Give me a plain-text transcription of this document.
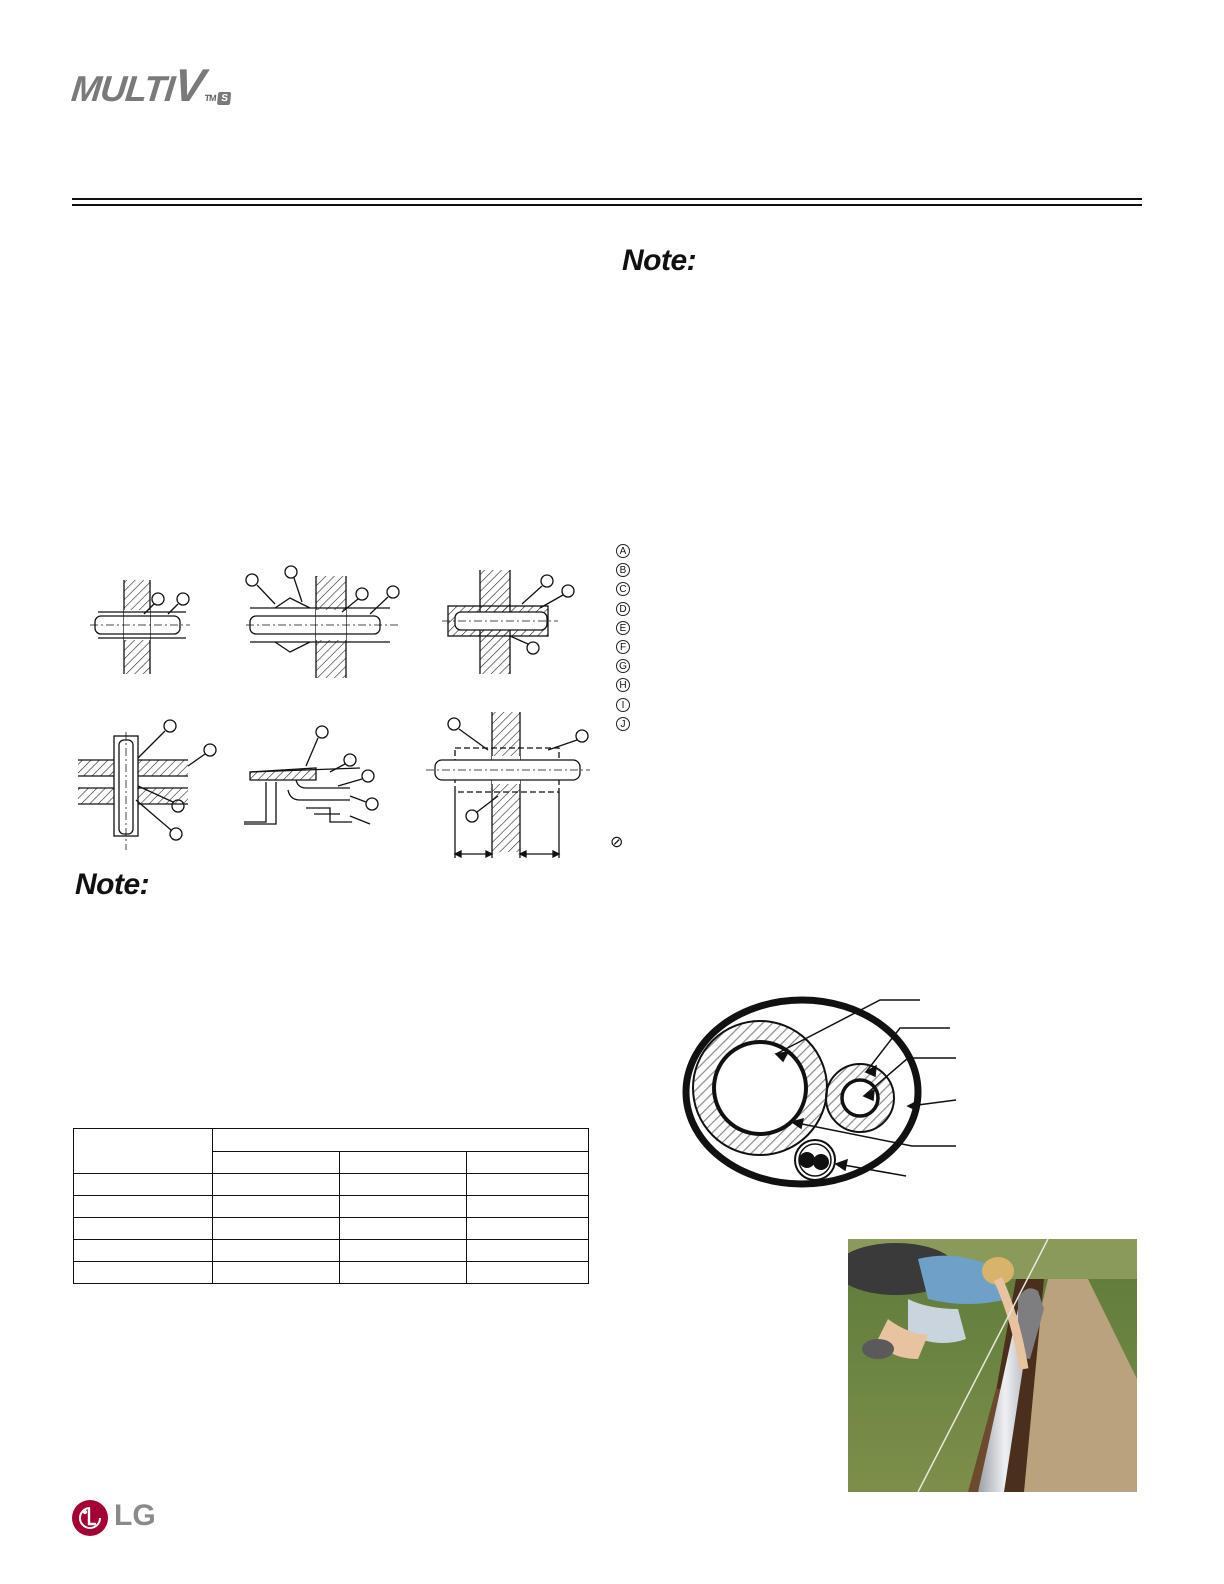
MULTIVTM S
Note:
Note:
A
B
C
D
E
F
G
H
I
J
⊘

LG
